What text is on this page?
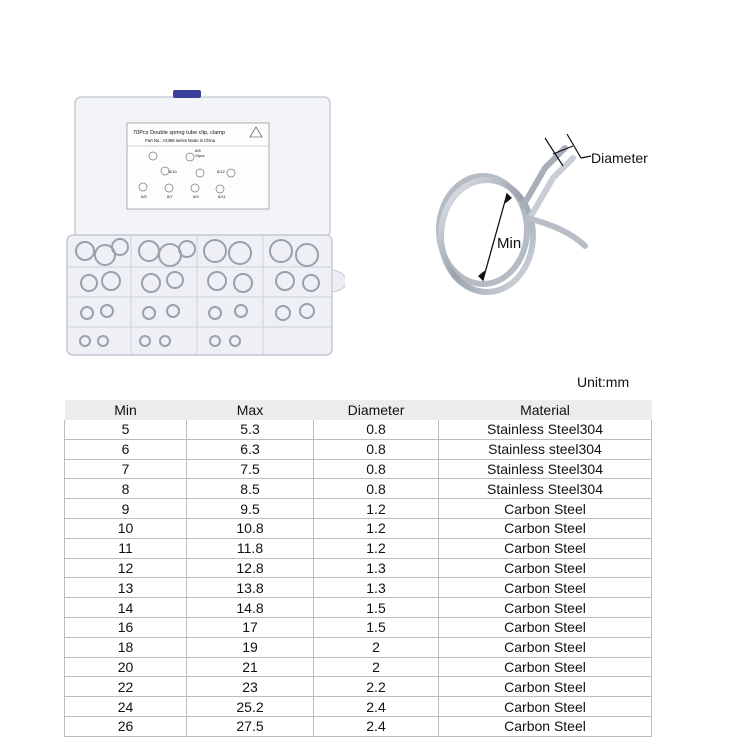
70Pcs Double spring tube clip, clamp
Part No.: A2398 series Made in China
6/8
6/10	6/12
6/5	6/7	6/9	6/11
10pcs	Diameter
Min
Unit:mm
Min	Max	Diameter	Material
5	5.3	0.8	Stainless Steel304
6	6.3	0.8	Stainless steel304
7	7.5	0.8	Stainless Steel304
8	8.5	0.8	Stainless Steel304
9	9.5	1.2	Carbon Steel
10	10.8	1.2	Carbon Steel
11	11.8	1.2	Carbon Steel
12	12.8	1.3	Carbon Steel
13	13.8	1.3	Carbon Steel
14	14.8	1.5	Carbon Steel
16	17	1.5	Carbon Steel
18	19	2	Carbon Steel
20	21	2	Carbon Steel
22	23	2.2	Carbon Steel
24	25.2	2.4	Carbon Steel
26	27.5	2.4	Carbon Steel
